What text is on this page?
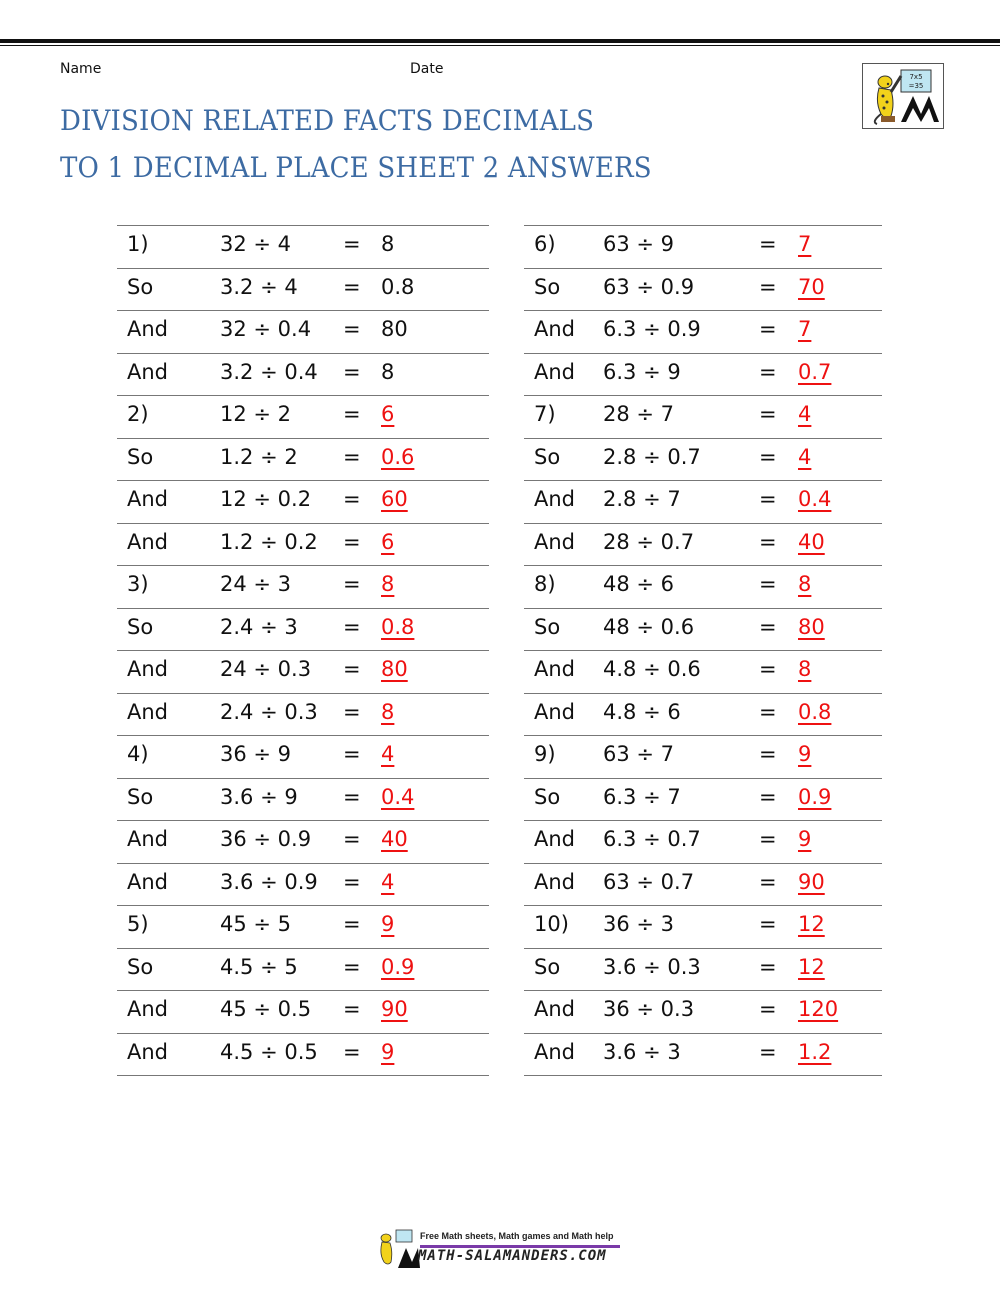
Name	Date
DIVISION RELATED FACTS DECIMALS
TO 1 DECIMAL PLACE SHEET 2 ANSWERS
7x5
=35
1)	32 ÷ 4 = 8
So	3.2 ÷ 4 = 0.8
And 32 ÷ 0.4 = 80
And 3.2 ÷ 0.4 = 8
2)	12 ÷ 2 = 6
So	1.2 ÷ 2 = 0.6
And 12 ÷ 0.2 = 60
And 1.2 ÷ 0.2 = 6
3)	24 ÷ 3 = 8
So	2.4 ÷ 3 = 0.8
And 24 ÷ 0.3 = 80
And 2.4 ÷ 0.3 = 8
4)	36 ÷ 9 = 4
So	3.6 ÷ 9 = 0.4
And 36 ÷ 0.9 = 40
And 3.6 ÷ 0.9 = 4
5)	45 ÷ 5 = 9
So	4.5 ÷ 5 = 0.9
And 45 ÷ 0.5 = 90
And 4.5 ÷ 0.5 = 9
6) 63 ÷ 9	= 7
So 63 ÷ 0.9	= 70
And 6.3 ÷ 0.9	= 7
And 6.3 ÷ 9	= 0.7
7) 28 ÷ 7	= 4
So 2.8 ÷ 0.7	= 4
And 2.8 ÷ 7	= 0.4
And 28 ÷ 0.7	= 40
8) 48 ÷ 6	= 8
So 48 ÷ 0.6	= 80
And 4.8 ÷ 0.6	= 8
And 4.8 ÷ 6	= 0.8
9) 63 ÷ 7	= 9
So 6.3 ÷ 7	= 0.9
And 6.3 ÷ 0.7	= 9
And 63 ÷ 0.7	= 90
10) 36 ÷ 3	= 12
So 3.6 ÷ 0.3	= 12
And 36 ÷ 0.3	= 120
And 3.6 ÷ 3	= 1.2
Free Math sheets, Math games and Math help
MATH-SALAMANDERS.COM
